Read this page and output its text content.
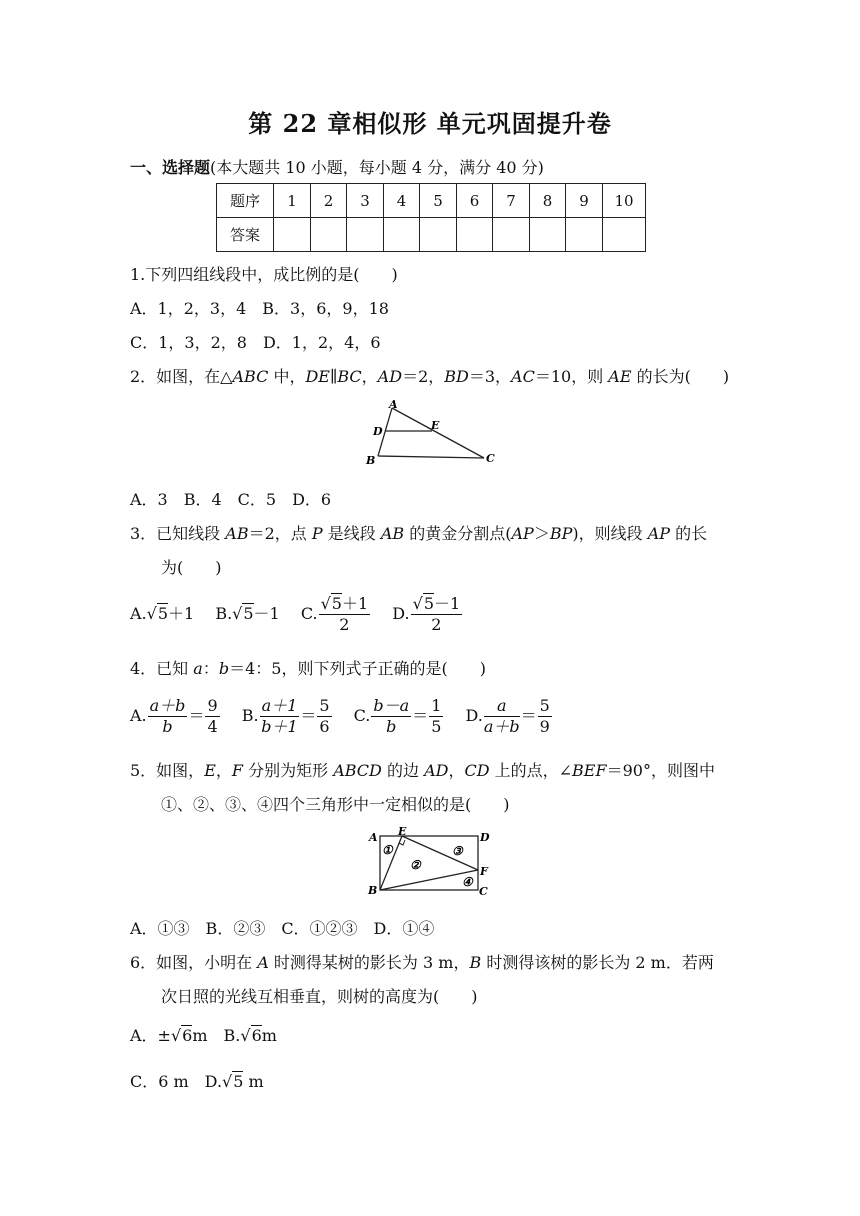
第 22 章相似形 单元巩固提升卷
一、选择题(本大题共 10 小题，每小题 4 分，满分 40 分)
题序	1	2	3	4	5	6	7	8	9	10
答案										
1.下列四组线段中，成比例的是(　　)
A．1，2，3，4　B．3，6，9，18
C．1，3，2，8　D．1，2，4，6
2．如图，在△ABC 中，DE∥BC，AD＝2，BD＝3，AC＝10，则 AE 的长为(　　)
A
D	E
B	C
A．3　B．4　C．5　D．6
3．已知线段 AB＝2，点 P 是线段 AB 的黄金分割点(AP＞BP)，则线段 AP 的长
为(　　)
A.√5＋1　 B.√5－1　 C. $\frac{√5+1}{2}$
　 D. $\frac{√5-1}{2}$
4．已知 a：b＝4：5，则下列式子正确的是(　　)
A. $\frac{a+b}{b} = \frac{9}{4}$
　 B. $\frac{a+1}{b+1} = \frac{5}{6}$
　 C. $\frac{b-a}{b} = \frac{1}{5}$
　 D. $\frac{a}{a+b} = \frac{5}{9}$
5．如图，E，F 分别为矩形 ABCD 的边 AD，CD 上的点，∠BEF＝90°，则图中
①、②、③、④四个三角形中一定相似的是(　　)
A E	D
F
B	C
①
②
③
④
A．①③　B．②③　C．①②③　D．①④
6．如图，小明在 A 时测得某树的影长为 3 m，B 时测得该树的影长为 2 m．若两
次日照的光线互相垂直，则树的高度为(　　)
A．±√6m　B.√6m
C．6 m　D.√5 m
